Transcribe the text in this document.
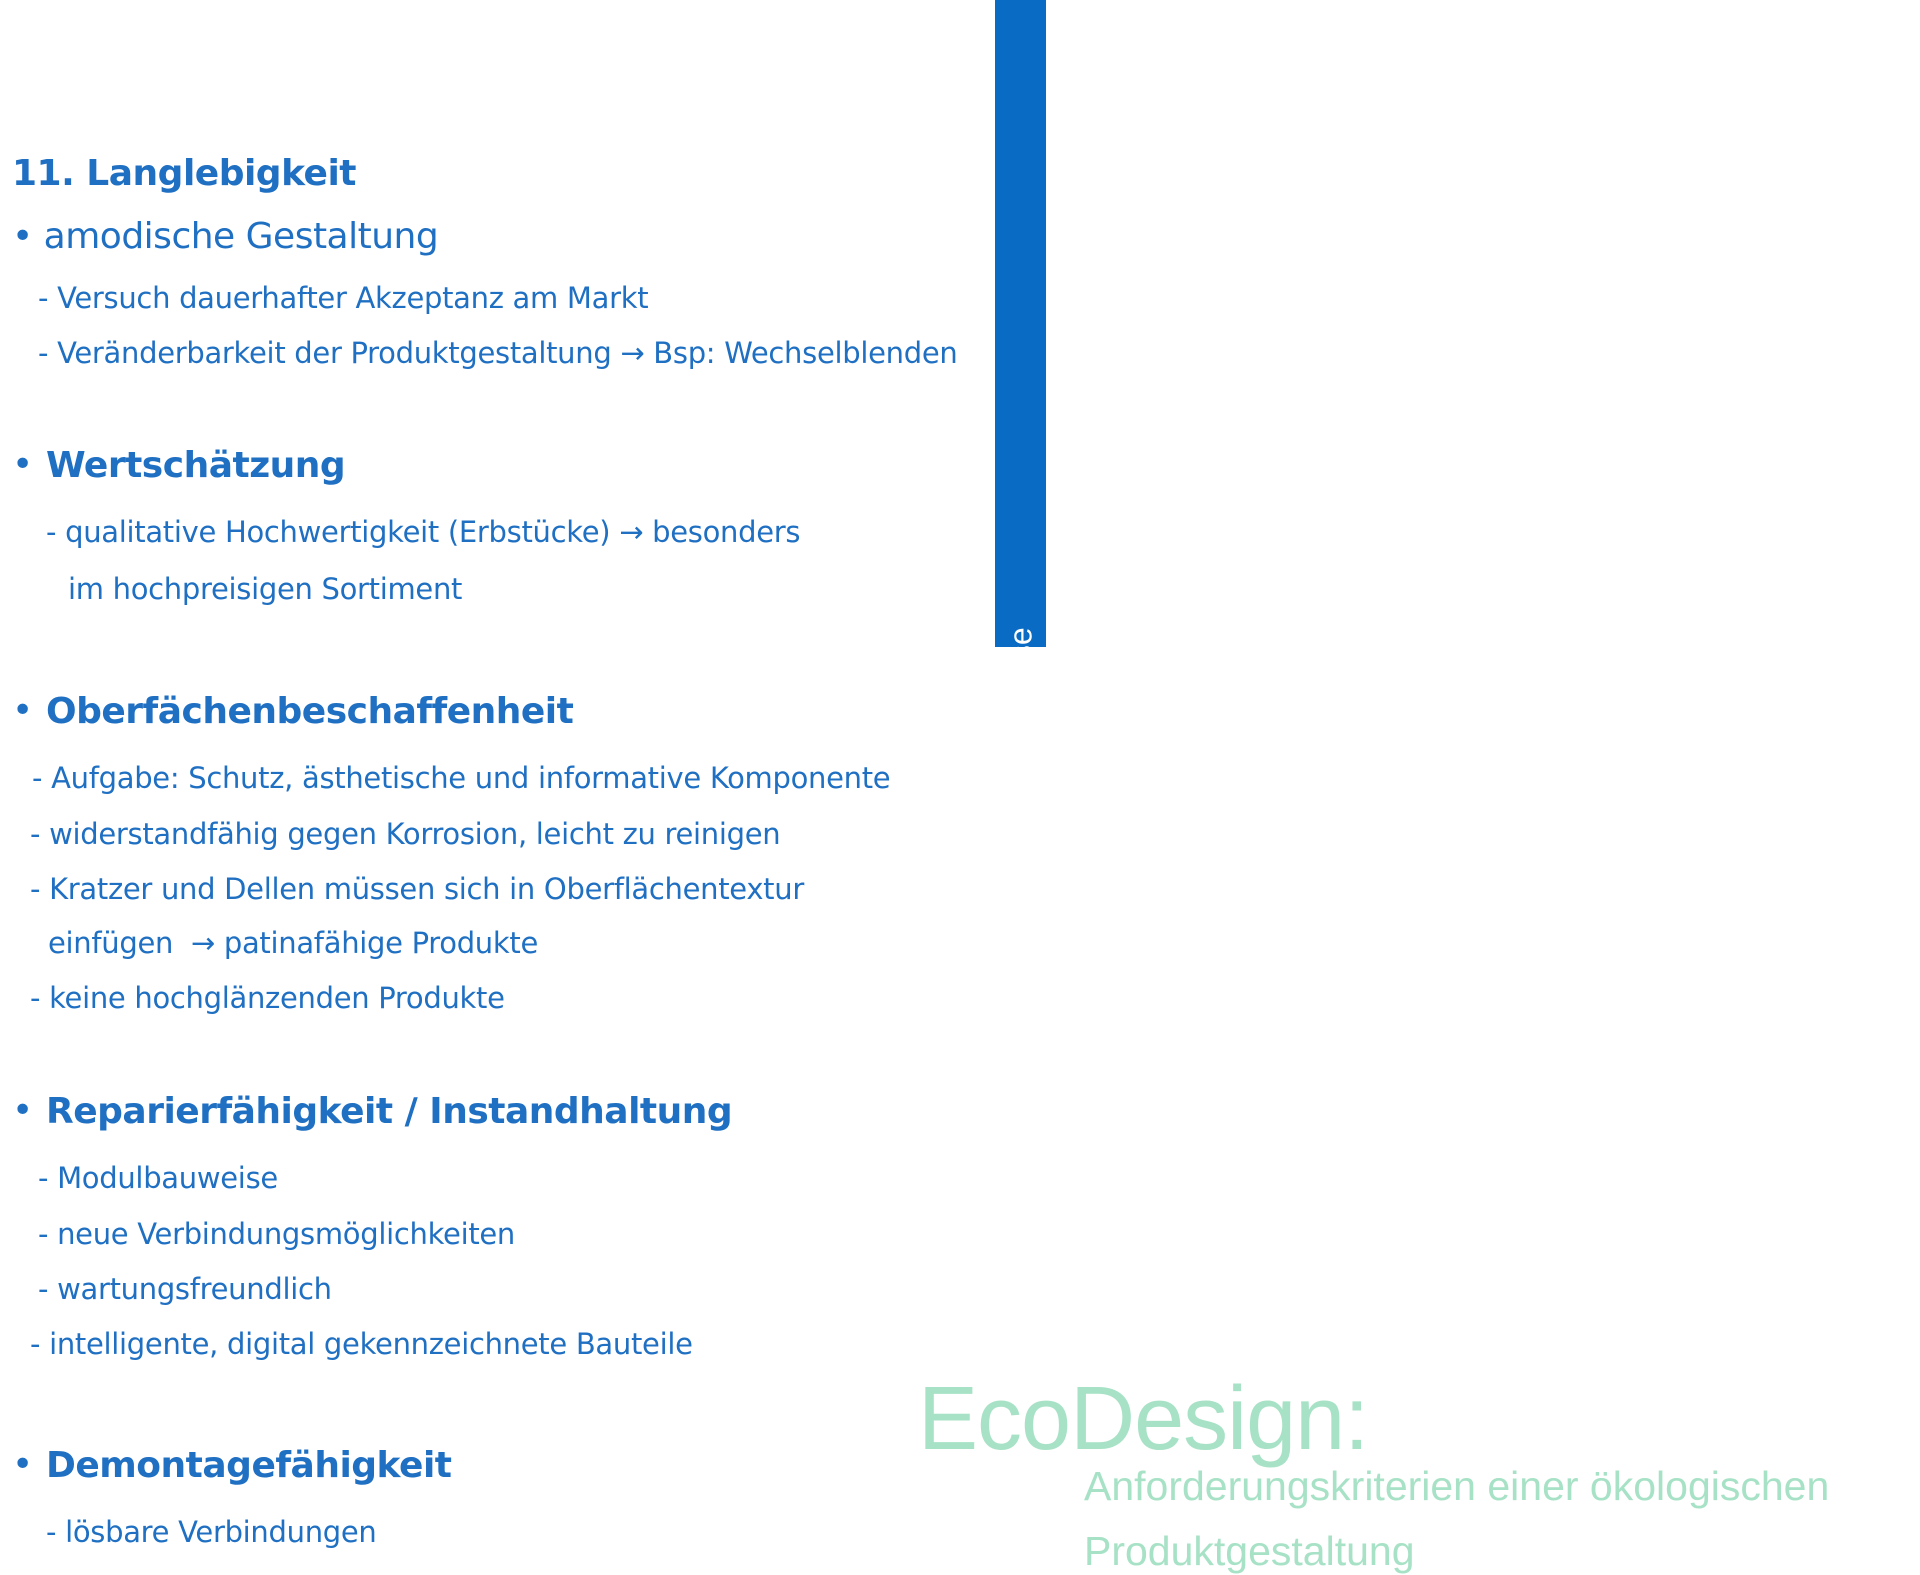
Gebrauchs- & Verbrauchsphase
11. Langlebigkeit
• amodische Gestaltung
- Versuch dauerhafter Akzeptanz am Markt
- Veränderbarkeit der Produktgestaltung → Bsp: Wechselblenden
• Wertschätzung
- qualitative Hochwertigkeit (Erbstücke) → besonders
im hochpreisigen Sortiment
• Oberfächenbeschaffenheit
- Aufgabe: Schutz, ästhetische und informative Komponente
- widerstandfähig gegen Korrosion, leicht zu reinigen
- Kratzer und Dellen müssen sich in Oberflächentextur
einfügen  → patinafähige Produkte
- keine hochglänzenden Produkte
• Reparierfähigkeit / Instandhaltung
- Modulbauweise
- neue Verbindungsmöglichkeiten
- wartungsfreundlich
- intelligente, digital gekennzeichnete Bauteile
• Demontagefähigkeit
- lösbare Verbindungen
EcoDesign:
Anforderungskriterien einer ökologischen
Produktgestaltung
